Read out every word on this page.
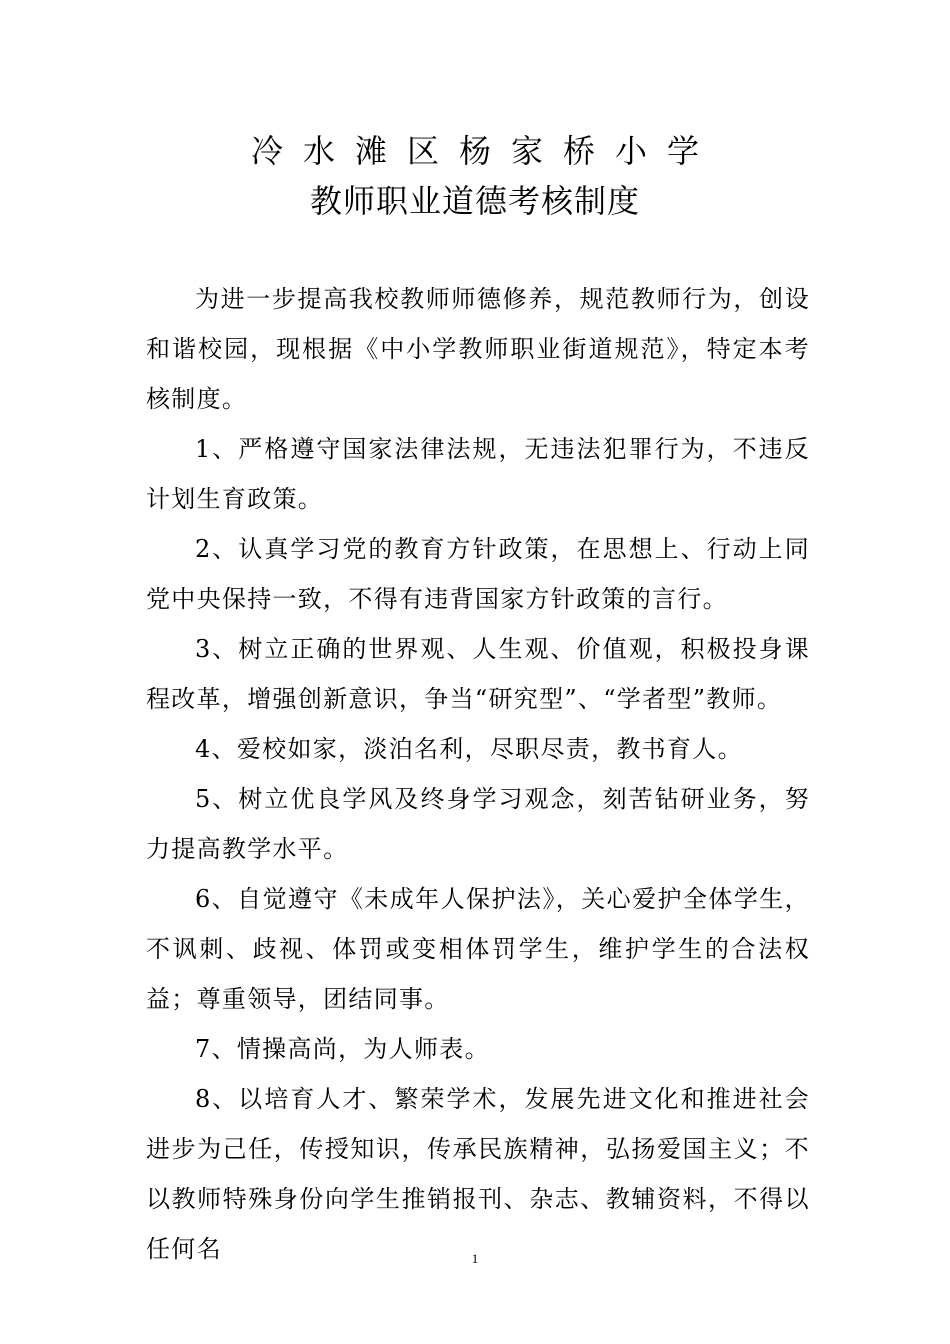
冷水滩区杨家桥小学
教师职业道德考核制度

为进一步提高我校教师师德修养，规范教师行为，创设和谐校园，现根据《中小学教师职业街道规范》，特定本考核制度。

1、严格遵守国家法律法规，无违法犯罪行为，不违反计划生育政策。

2、认真学习党的教育方针政策，在思想上、行动上同党中央保持一致，不得有违背国家方针政策的言行。

3、树立正确的世界观、人生观、价值观，积极投身课程改革，增强创新意识，争当“研究型”、“学者型”教师。

4、爱校如家，淡泊名利，尽职尽责，教书育人。

5、树立优良学风及终身学习观念，刻苦钻研业务，努力提高教学水平。

6、自觉遵守《未成年人保护法》，关心爱护全体学生，不讽刺、歧视、体罚或变相体罚学生，维护学生的合法权益；尊重领导，团结同事。

7、情操高尚，为人师表。

8、以培育人才、繁荣学术，发展先进文化和推进社会进步为己任，传授知识，传承民族精神，弘扬爱国主义；不以教师特殊身份向学生推销报刊、杂志、教辅资料，不得以任何名	1
